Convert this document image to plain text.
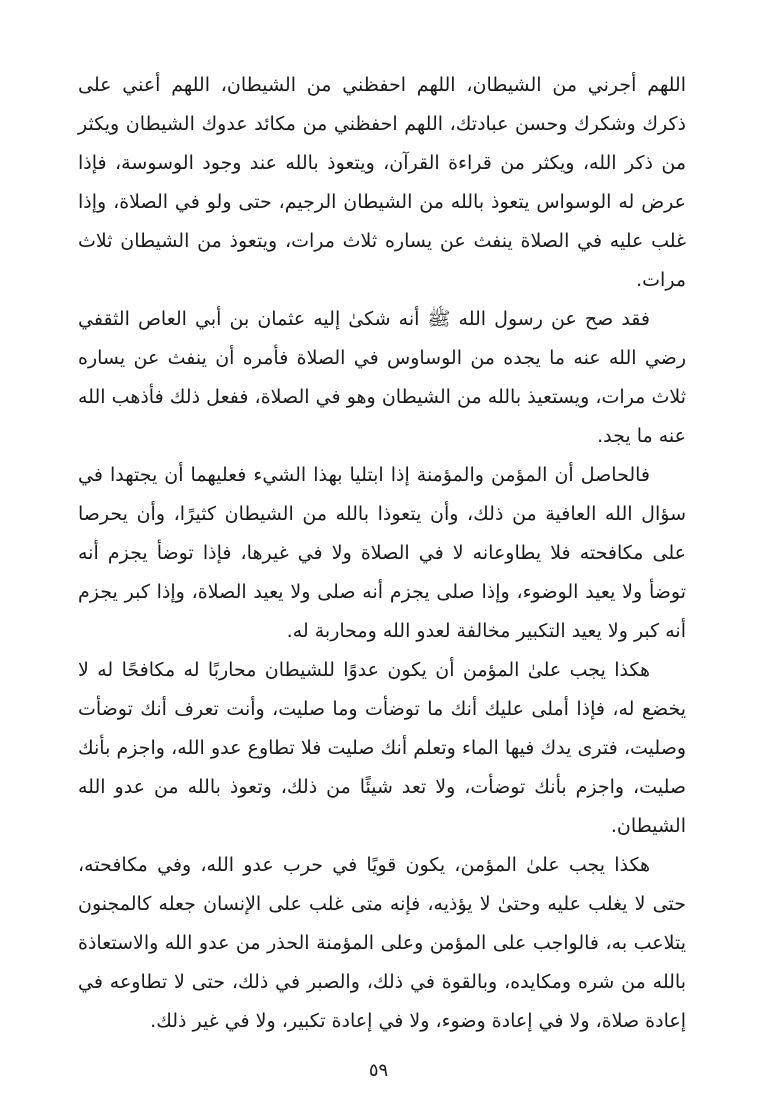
اللهم أجرني من الشيطان، اللهم احفظني من الشيطان، اللهم أعني على ذكرك وشكرك وحسن عبادتك، اللهم احفظني من مكائد عدوك الشيطان ويكثر من ذكر الله، ويكثر من قراءة القرآن، ويتعوذ بالله عند وجود الوسوسة، فإذا عرض له الوسواس يتعوذ بالله من الشيطان الرجيم، حتى ولو في الصلاة، وإذا غلب عليه في الصلاة ينفث عن يساره ثلاث مرات، ويتعوذ من الشيطان ثلاث مرات.

فقد صح عن رسول الله ﷺ أنه شكىٰ إليه عثمان بن أبي العاص الثقفي رضي الله عنه ما يجده من الوساوس في الصلاة فأمره أن ينفث عن يساره ثلاث مرات، ويستعيذ بالله من الشيطان وهو في الصلاة، ففعل ذلك فأذهب الله عنه ما يجد.

فالحاصل أن المؤمن والمؤمنة إذا ابتليا بهذا الشيء فعليهما أن يجتهدا في سؤال الله العافية من ذلك، وأن يتعوذا بالله من الشيطان كثيرًا، وأن يحرصا على مكافحته فلا يطاوعانه لا في الصلاة ولا في غيرها، فإذا توضأ يجزم أنه توضأ ولا يعيد الوضوء، وإذا صلى يجزم أنه صلى ولا يعيد الصلاة، وإذا كبر يجزم أنه كبر ولا يعيد التكبير مخالفة لعدو الله ومحاربة له.

هكذا يجب علىٰ المؤمن أن يكون عدوًا للشيطان محاربًا له مكافحًا له لا يخضع له، فإذا أملى عليك أنك ما توضأت وما صليت، وأنت تعرف أنك توضأت وصليت، فترى يدك فيها الماء وتعلم أنك صليت فلا تطاوع عدو الله، واجزم بأنك صليت، واجزم بأنك توضأت، ولا تعد شيئًا من ذلك، وتعوذ بالله من عدو الله الشيطان.

هكذا يجب علىٰ المؤمن، يكون قويًا في حرب عدو الله، وفي مكافحته، حتى لا يغلب عليه وحتىٰ لا يؤذيه، فإنه متى غلب على الإنسان جعله كالمجنون يتلاعب به، فالواجب على المؤمن وعلى المؤمنة الحذر من عدو الله والاستعاذة بالله من شره ومكايده، وبالقوة في ذلك، والصبر في ذلك، حتى لا تطاوعه في إعادة صلاة، ولا في إعادة وضوء، ولا في إعادة تكبير، ولا في غير ذلك.

٥٩
